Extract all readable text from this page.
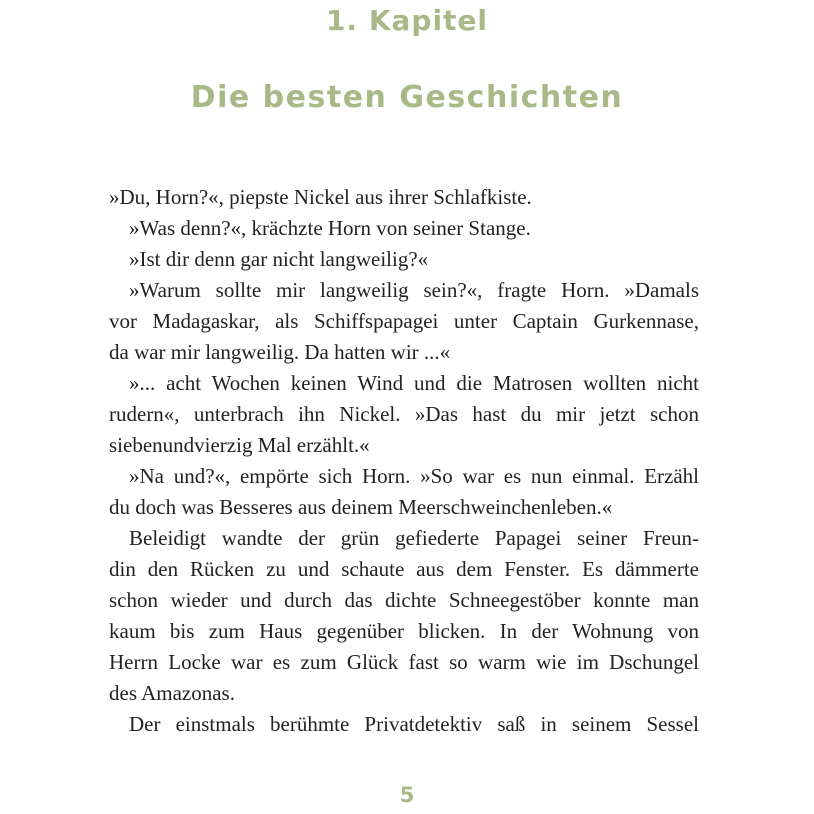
1. Kapitel
Die besten Geschichten
»Du, Horn?«, piepste Nickel aus ihrer Schlafkiste.
»Was denn?«, krächzte Horn von seiner Stange.
»Ist dir denn gar nicht langweilig?«
»Warum sollte mir langweilig sein?«, fragte Horn. »Damals
vor Madagaskar, als Schiffspapagei unter Captain Gurkennase,
da war mir langweilig. Da hatten wir ...«
»... acht Wochen keinen Wind und die Matrosen wollten nicht
rudern«, unterbrach ihn Nickel. »Das hast du mir jetzt schon
siebenundvierzig Mal erzählt.«
»Na und?«, empörte sich Horn. »So war es nun einmal. Erzähl
du doch was Besseres aus deinem Meerschweinchenleben.«
Beleidigt wandte der grün gefiederte Papagei seiner Freun-
din den Rücken zu und schaute aus dem Fenster. Es dämmerte
schon wieder und durch das dichte Schneegestöber konnte man
kaum bis zum Haus gegenüber blicken. In der Wohnung von
Herrn Locke war es zum Glück fast so warm wie im Dschungel
des Amazonas.
Der einstmals berühmte Privatdetektiv saß in seinem Sessel
5
